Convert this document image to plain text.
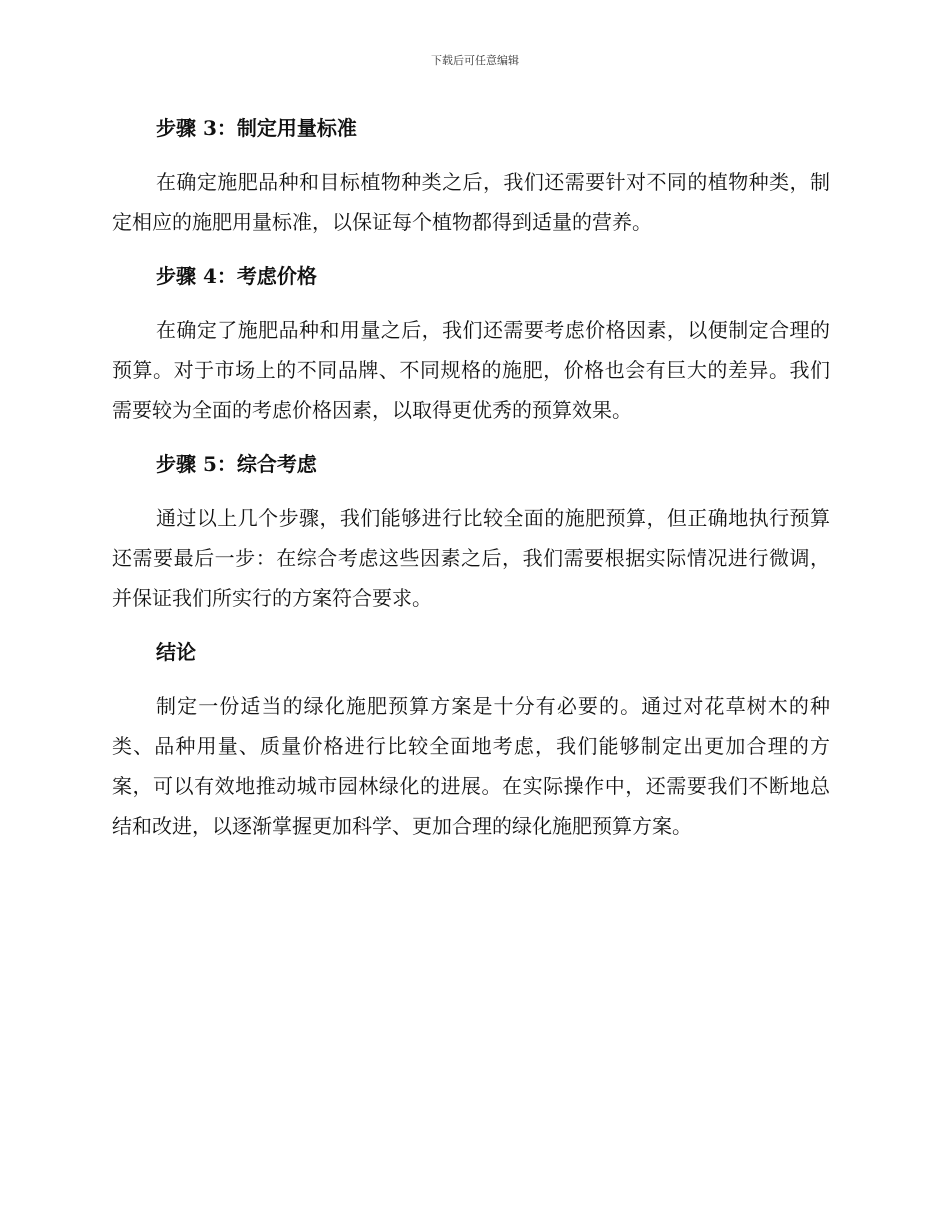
下载后可任意编辑
步骤 3：制定用量标准

在确定施肥品种和目标植物种类之后，我们还需要针对不同的植物种类，制定相应的施肥用量标准，以保证每个植物都得到适量的营养。

步骤 4：考虑价格

在确定了施肥品种和用量之后，我们还需要考虑价格因素，以便制定合理的预算。对于市场上的不同品牌、不同规格的施肥，价格也会有巨大的差异。我们需要较为全面的考虑价格因素，以取得更优秀的预算效果。

步骤 5：综合考虑

通过以上几个步骤，我们能够进行比较全面的施肥预算，但正确地执行预算还需要最后一步：在综合考虑这些因素之后，我们需要根据实际情况进行微调，并保证我们所实行的方案符合要求。

结论

制定一份适当的绿化施肥预算方案是十分有必要的。通过对花草树木的种类、品种用量、质量价格进行比较全面地考虑，我们能够制定出更加合理的方案，可以有效地推动城市园林绿化的进展。在实际操作中，还需要我们不断地总结和改进，以逐渐掌握更加科学、更加合理的绿化施肥预算方案。
